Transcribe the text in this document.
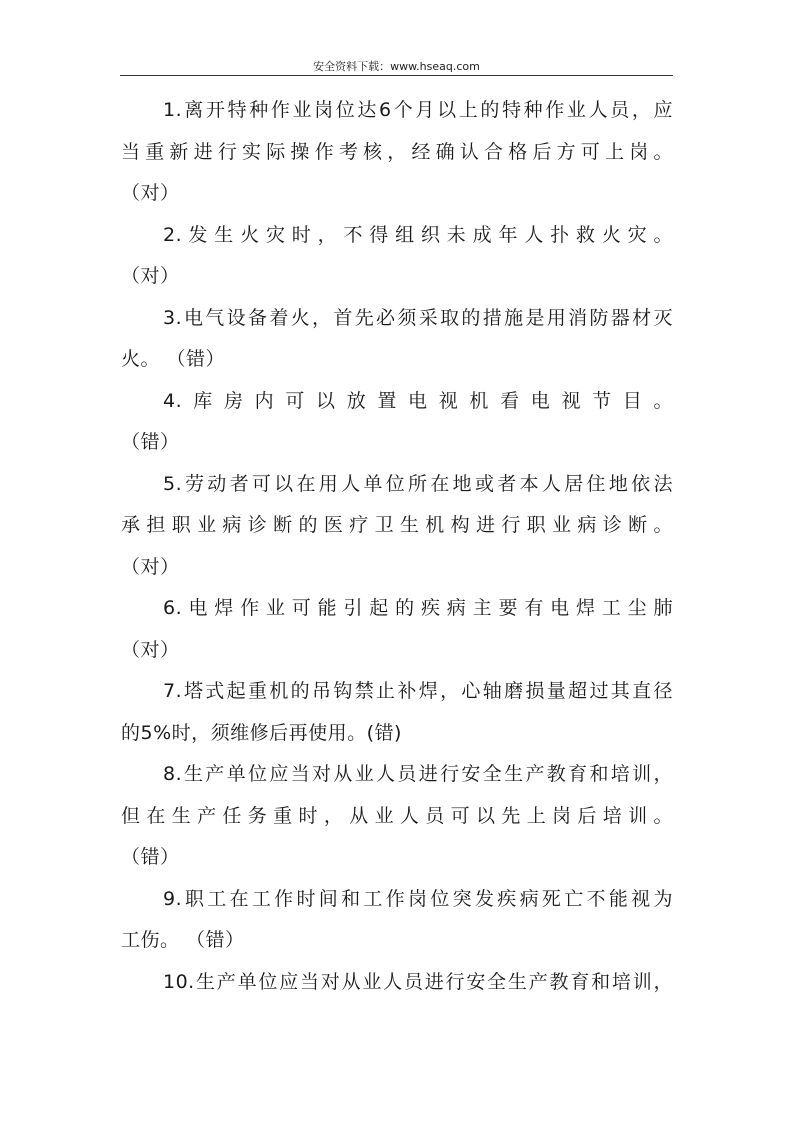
安全资料下载：www.hseaq.com
1.离开特种作业岗位达6个月以上的特种作业人员，应
当重新进行实际操作考核，经确认合格后方可上岗。
（对）
2.发生火灾时，不得组织未成年人扑救火灾。
（对）
3.电气设备着火，首先必须采取的措施是用消防器材灭
火。 （错）
4.库房内可以放置电视机看电视节目。
（错）
5.劳动者可以在用人单位所在地或者本人居住地依法
承担职业病诊断的医疗卫生机构进行职业病诊断。
（对）
6.电焊作业可能引起的疾病主要有电焊工尘肺
（对）
7.塔式起重机的吊钩禁止补焊，心轴磨损量超过其直径
的5%时，须维修后再使用。(错)
8.生产单位应当对从业人员进行安全生产教育和培训，
但在生产任务重时，从业人员可以先上岗后培训。
（错）
9.职工在工作时间和工作岗位突发疾病死亡不能视为
工伤。 （错）
10.生产单位应当对从业人员进行安全生产教育和培训，
